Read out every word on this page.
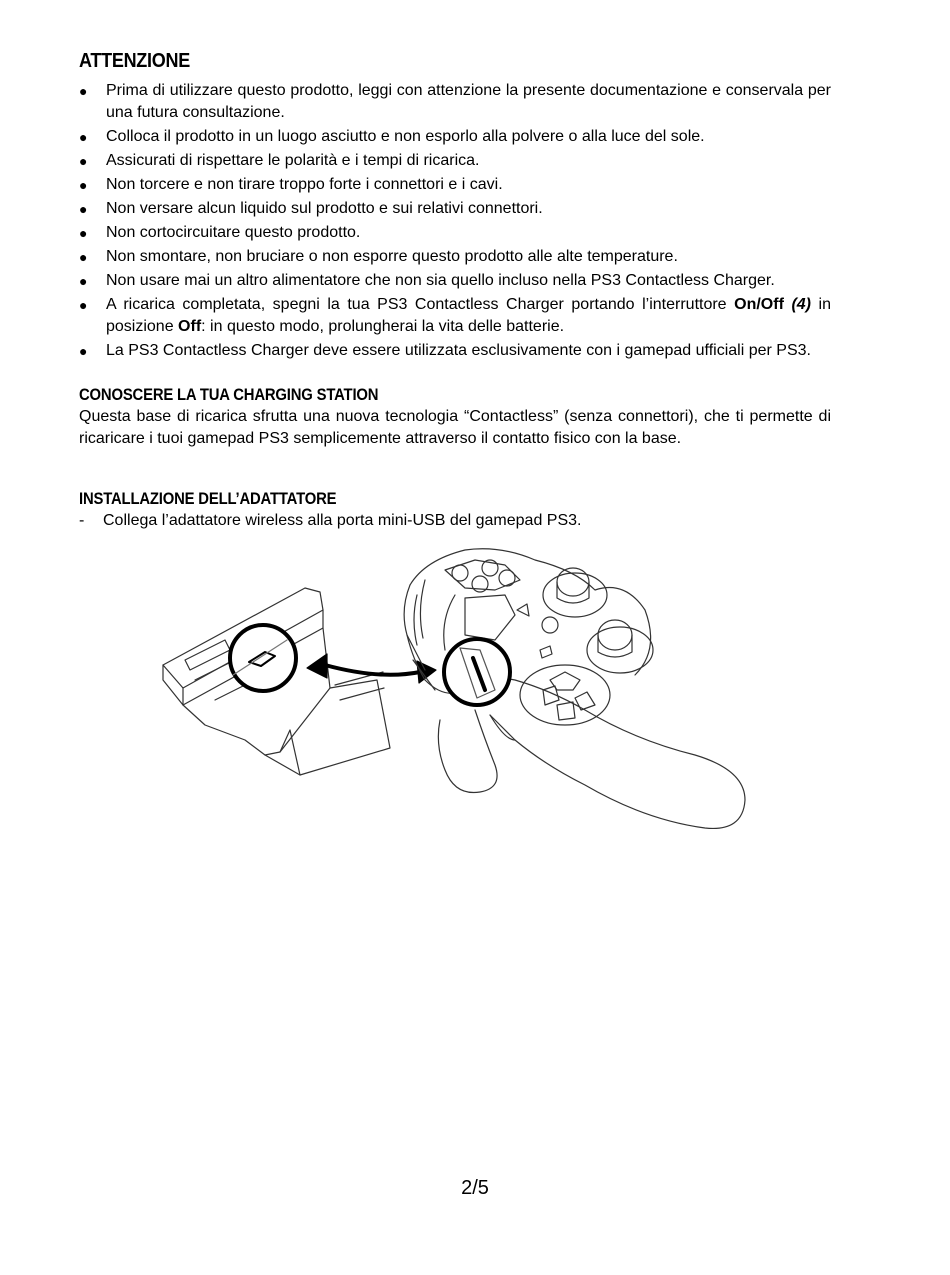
ATTENZIONE
● Prima di utilizzare questo prodotto, leggi con attenzione la presente documentazione e conservala per una futura consultazione.
● Colloca il prodotto in un luogo asciutto e non esporlo alla polvere o alla luce del sole.
● Assicurati di rispettare le polarità e i tempi di ricarica.
● Non torcere e non tirare troppo forte i connettori e i cavi.
● Non versare alcun liquido sul prodotto e sui relativi connettori.
● Non cortocircuitare questo prodotto.
● Non smontare, non bruciare o non esporre questo prodotto alle alte temperature.
● Non usare mai un altro alimentatore che non sia quello incluso nella PS3 Contactless Charger.
● A ricarica completata, spegni la tua PS3 Contactless Charger portando l’interruttore On/Off (4) in posizione Off: in questo modo, prolungherai la vita delle batterie.
● La PS3 Contactless Charger deve essere utilizzata esclusivamente con i gamepad ufficiali per PS3.
CONOSCERE LA TUA CHARGING STATION

Questa base di ricarica sfrutta una nuova tecnologia “Contactless” (senza connettori), che ti permette di ricaricare i tuoi gamepad PS3 semplicemente attraverso il contatto fisico con la base.

INSTALLAZIONE DELL’ADATTATORE
- Collega l’adattatore wireless alla porta mini-USB del gamepad PS3.
2/5
